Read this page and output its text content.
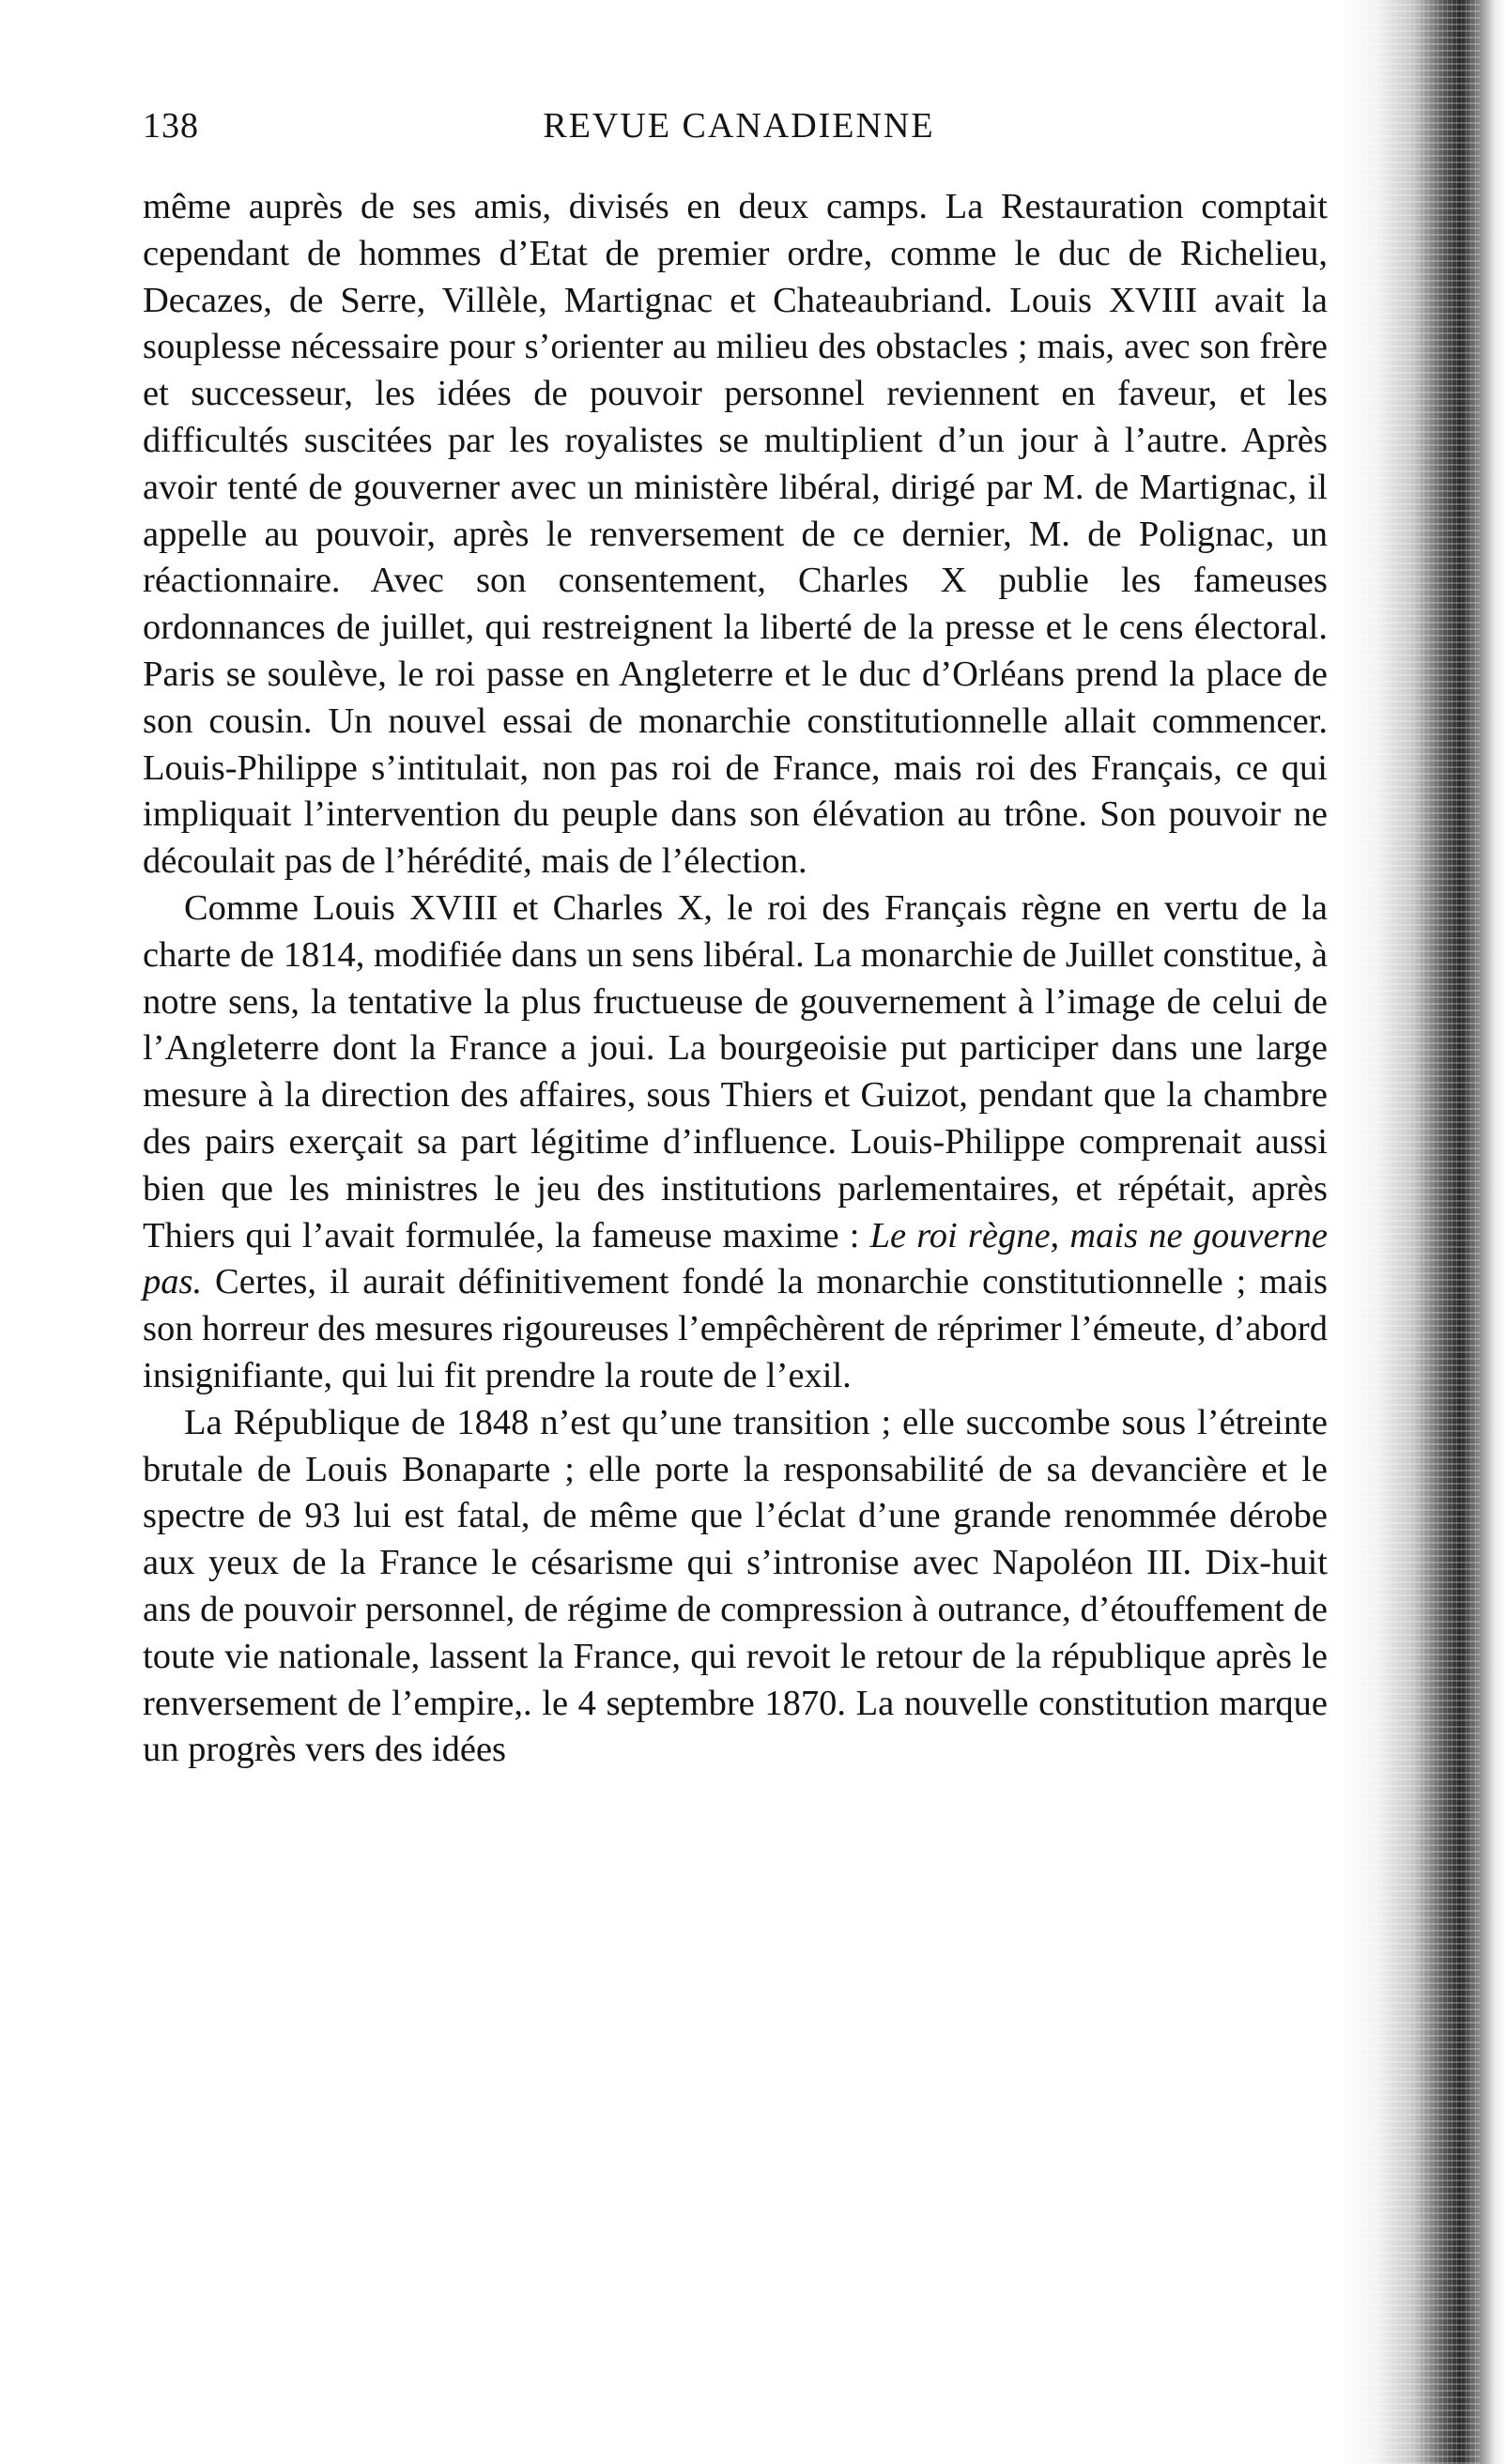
138	REVUE CANADIENNE

même auprès de ses amis, divisés en deux camps. La Restauration comptait cependant de hommes d’Etat de premier ordre, comme le duc de Richelieu, Decazes, de Serre, Villèle, Martignac et Chateaubriand. Louis XVIII avait la souplesse nécessaire pour s’orienter au milieu des obstacles ; mais, avec son frère et successeur, les idées de pouvoir personnel reviennent en faveur, et les difficultés suscitées par les royalistes se multiplient d’un jour à l’autre. Après avoir tenté de gouverner avec un ministère libéral, dirigé par M. de Martignac, il appelle au pouvoir, après le renversement de ce dernier, M. de Polignac, un réactionnaire. Avec son consentement, Charles X publie les fameuses ordonnances de juillet, qui restreignent la liberté de la presse et le cens électoral. Paris se soulève, le roi passe en Angleterre et le duc d’Orléans prend la place de son cousin. Un nouvel essai de monarchie constitutionnelle allait commencer. Louis-Philippe s’intitulait, non pas roi de France, mais roi des Français, ce qui impliquait l’intervention du peuple dans son élévation au trône. Son pouvoir ne découlait pas de l’hérédité, mais de l’élection.

Comme Louis XVIII et Charles X, le roi des Français règne en vertu de la charte de 1814, modifiée dans un sens libéral. La monarchie de Juillet constitue, à notre sens, la tentative la plus fructueuse de gouvernement à l’image de celui de l’Angleterre dont la France a joui. La bourgeoisie put participer dans une large mesure à la direction des affaires, sous Thiers et Guizot, pendant que la chambre des pairs exerçait sa part légitime d’influence. Louis-Philippe comprenait aussi bien que les ministres le jeu des institutions parlementaires, et répétait, après Thiers qui l’avait formulée, la fameuse maxime : Le roi règne, mais ne gouverne pas. Certes, il aurait définitivement fondé la monarchie constitutionnelle ; mais son horreur des mesures rigoureuses l’empêchèrent de réprimer l’émeute, d’abord insignifiante, qui lui fit prendre la route de l’exil.

La République de 1848 n’est qu’une transition ; elle succombe sous l’étreinte brutale de Louis Bonaparte ; elle porte la responsabilité de sa devancière et le spectre de 93 lui est fatal, de même que l’éclat d’une grande renommée dérobe aux yeux de la France le césarisme qui s’intronise avec Napoléon III. Dix-huit ans de pouvoir personnel, de régime de compression à outrance, d’étouffement de toute vie nationale, lassent la France, qui revoit le retour de la république après le renversement de l’empire,. le 4 septembre 1870. La nouvelle constitution marque un progrès vers des idées
